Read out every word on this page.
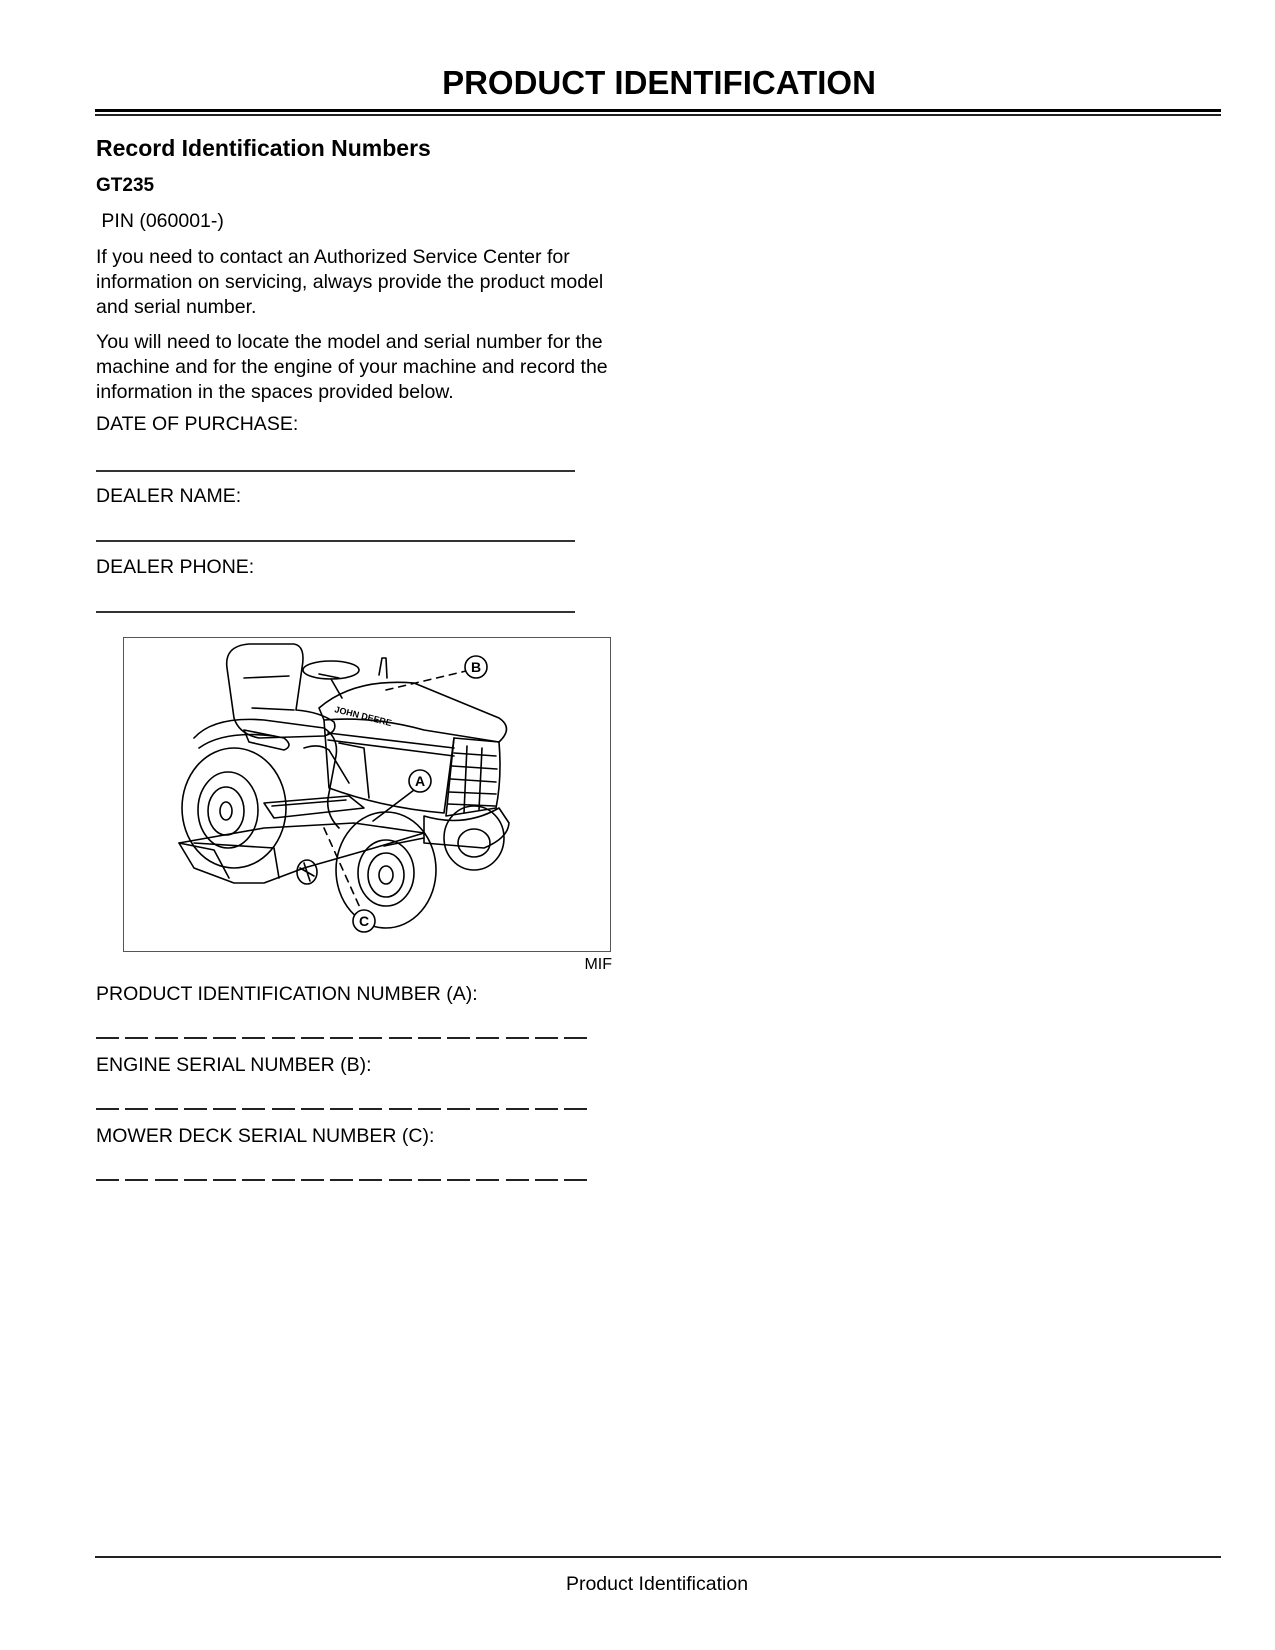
PRODUCT IDENTIFICATION
Record Identification Numbers
GT235
PIN (060001-)
If you need to contact an Authorized Service Center for
information on servicing, always provide the product model
and serial number.
You will need to locate the model and serial number for the
machine and for the engine of your machine and record the
information in the spaces provided below.
DATE OF PURCHASE:
DEALER NAME:
DEALER PHONE:
JOHN DEERE
B
A
C
MIF
PRODUCT IDENTIFICATION NUMBER (A):
ENGINE SERIAL NUMBER (B):
MOWER DECK SERIAL NUMBER (C):
Product Identification
